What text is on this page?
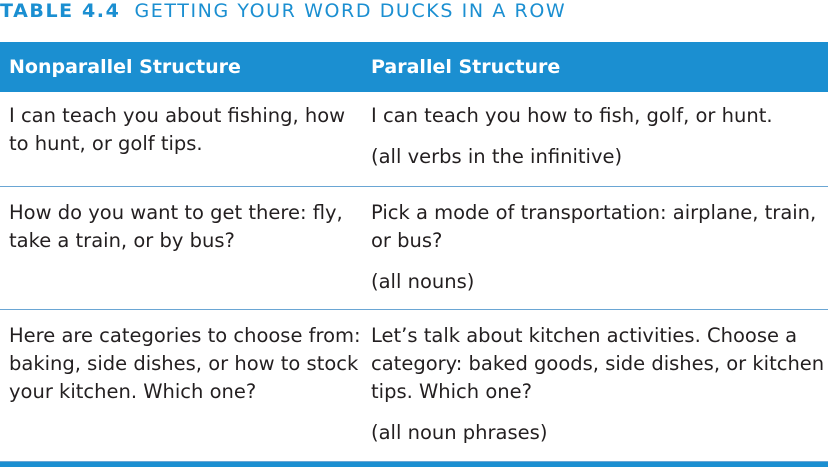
TABLE 4.4 GETTING YOUR WORD DUCKS IN A ROW
Nonparallel Structure	Parallel Structure
I can teach you about fishing, how to hunt, or golf tips.
I can teach you how to fish, golf, or hunt.
(all verbs in the infinitive)
How do you want to get there: fly, take a train, or by bus?
Pick a mode of transportation: airplane, train, or bus?
(all nouns)
Here are categories to choose from: baking, side dishes, or how to stock your kitchen. Which one?
Let’s talk about kitchen activities. Choose a category: baked goods, side dishes, or kitchen tips. Which one?
(all noun phrases)
